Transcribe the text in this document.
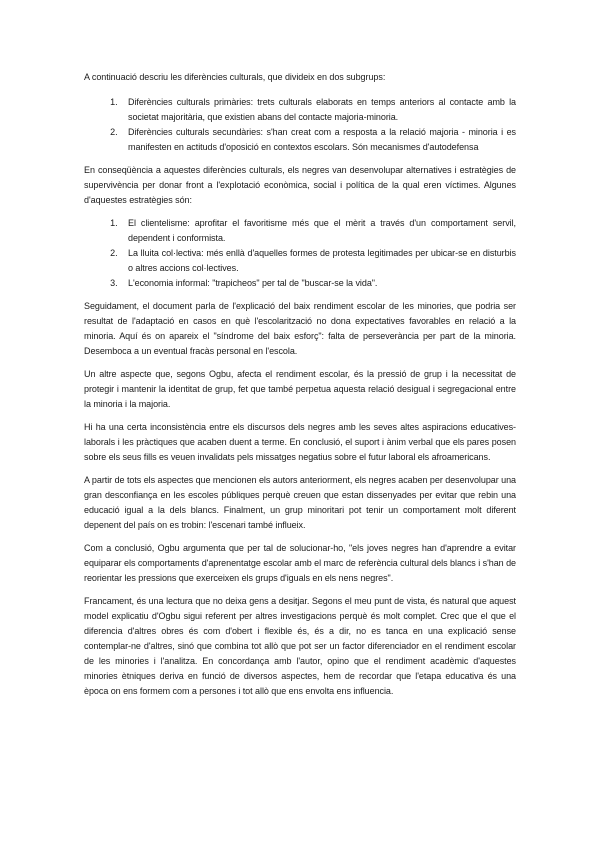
A continuació descriu les diferències culturals, que divideix en dos subgrups:

1. Diferències culturals primàries: trets culturals elaborats en temps anteriors al contacte amb la societat majoritària, que existien abans del contacte majoria-minoria.
2. Diferències culturals secundàries: s'han creat com a resposta a la relació majoria - minoria i es manifesten en actituds d'oposició en contextos escolars. Són mecanismes d'autodefensa

En conseqüència a aquestes diferències culturals, els negres van desenvolupar alternatives i estratègies de supervivència per donar front a l'explotació econòmica, social i política de la qual eren víctimes. Algunes d'aquestes estratègies són:

1. El clientelisme: aprofitar el favoritisme més que el mèrit a través d'un comportament servil, dependent i conformista.
2. La lluita col·lectiva: més enllà d'aquelles formes de protesta legitimades per ubicar-se en disturbis o altres accions col·lectives.
3. L'economia informal: "trapicheos" per tal de "buscar-se la vida".

Seguidament, el document parla de l'explicació del baix rendiment escolar de les minories, que podria ser resultat de l'adaptació en casos en què l'escolarització no dona expectatives favorables en relació a la minoria. Aquí és on apareix el "síndrome del baix esforç": falta de perseverància per part de la minoria. Desemboca a un eventual fracàs personal en l'escola.

Un altre aspecte que, segons Ogbu, afecta el rendiment escolar, és la pressió de grup i la necessitat de protegir i mantenir la identitat de grup, fet que també perpetua aquesta relació desigual i segregacional entre la minoria i la majoria.

Hi ha una certa inconsistència entre els discursos dels negres amb les seves altes aspiracions educatives-laborals i les pràctiques que acaben duent a terme. En conclusió, el suport i ànim verbal que els pares posen sobre els seus fills es veuen invalidats pels missatges negatius sobre el futur laboral els afroamericans.

A partir de tots els aspectes que mencionen els autors anteriorment, els negres acaben per desenvolupar una gran desconfiança en les escoles públiques perquè creuen que estan dissenyades per evitar que rebin una educació igual a la dels blancs. Finalment, un grup minoritari pot tenir un comportament molt diferent depenent del país on es trobin: l'escenari també influeix.

Com a conclusió, Ogbu argumenta que per tal de solucionar-ho, "els joves negres han d'aprendre a evitar equiparar els comportaments d'aprenentatge escolar amb el marc de referència cultural dels blancs i s'han de reorientar les pressions que exerceixen els grups d'iguals en els nens negres".

Francament, és una lectura que no deixa gens a desitjar. Segons el meu punt de vista, és natural que aquest model explicatiu d'Ogbu sigui referent per altres investigacions perquè és molt complet. Crec que el que el diferencia d'altres obres és com d'obert i flexible és, és a dir, no es tanca en una explicació sense contemplar-ne d'altres, sinó que combina tot allò que pot ser un factor diferenciador en el rendiment escolar de les minories i l'analitza. En concordança amb l'autor, opino que el rendiment acadèmic d'aquestes minories ètniques deriva en funció de diversos aspectes, hem de recordar que l'etapa educativa és una època on ens formem com a persones i tot allò que ens envolta ens influencia.
